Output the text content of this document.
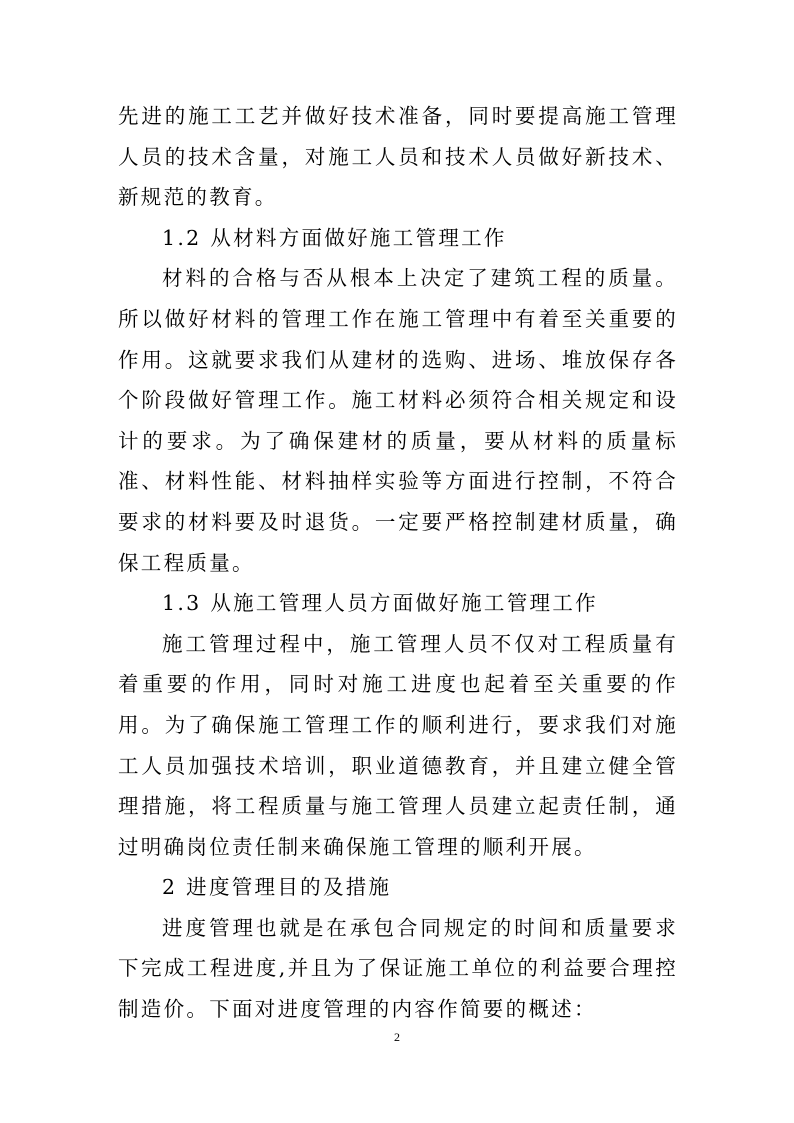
先进的施工工艺并做好技术准备，同时要提高施工管理人员的技术含量，对施工人员和技术人员做好新技术、新规范的教育。

1.2 从材料方面做好施工管理工作

材料的合格与否从根本上决定了建筑工程的质量。所以做好材料的管理工作在施工管理中有着至关重要的作用。这就要求我们从建材的选购、进场、堆放保存各个阶段做好管理工作。施工材料必须符合相关规定和设计的要求。为了确保建材的质量，要从材料的质量标准、材料性能、材料抽样实验等方面进行控制，不符合要求的材料要及时退货。一定要严格控制建材质量，确保工程质量。

1.3 从施工管理人员方面做好施工管理工作

施工管理过程中，施工管理人员不仅对工程质量有着重要的作用，同时对施工进度也起着至关重要的作用。为了确保施工管理工作的顺利进行，要求我们对施工人员加强技术培训，职业道德教育，并且建立健全管理措施，将工程质量与施工管理人员建立起责任制，通过明确岗位责任制来确保施工管理的顺利开展。

2 进度管理目的及措施

进度管理也就是在承包合同规定的时间和质量要求下完成工程进度,并且为了保证施工单位的利益要合理控制造价。下面对进度管理的内容作简要的概述：

2
